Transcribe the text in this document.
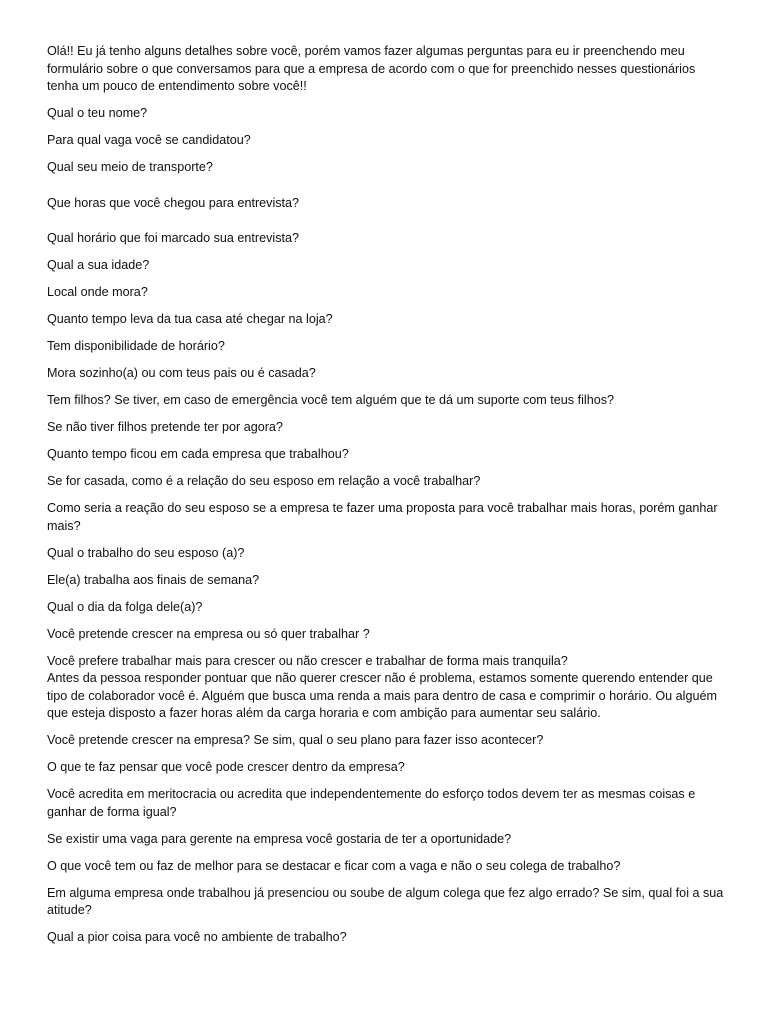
Olá!! Eu já tenho alguns detalhes sobre você, porém vamos fazer algumas perguntas para eu ir preenchendo meu formulário sobre o que conversamos para que a empresa de acordo com o que for preenchido nesses questionários tenha um pouco de entendimento sobre você!!

Qual o teu nome?

Para qual vaga você se candidatou?

Qual seu meio de transporte?

Que horas que você chegou para entrevista?

Qual horário que foi marcado sua entrevista?

Qual a sua idade?

Local onde mora?

Quanto tempo leva da tua casa até chegar na loja?

Tem disponibilidade de horário?

Mora sozinho(a) ou com teus pais ou é casada?

Tem filhos? Se tiver, em caso de emergência você tem alguém que te dá um suporte com teus filhos?

Se não tiver filhos pretende ter por agora?

Quanto tempo ficou em cada empresa que trabalhou?

Se for casada, como é a relação do seu esposo em relação a você trabalhar?

Como seria a reação do seu esposo se a empresa te fazer uma proposta para você trabalhar mais horas, porém ganhar mais?

Qual o trabalho do seu esposo (a)?

Ele(a) trabalha aos finais de semana?

Qual o dia da folga dele(a)?

Você pretende crescer na empresa ou só quer trabalhar ?

Você prefere trabalhar mais para crescer ou não crescer e trabalhar de forma mais tranquila?
Antes da pessoa responder pontuar que não querer crescer não é problema, estamos somente querendo entender que tipo de colaborador você é. Alguém que busca uma renda a mais para dentro de casa e comprimir o horário. Ou alguém que esteja disposto a fazer horas além da carga horaria e com ambição para aumentar seu salário.

Você pretende crescer na empresa? Se sim, qual o seu plano para fazer isso acontecer?

O que te faz pensar que você pode crescer dentro da empresa?

Você acredita em meritocracia ou acredita que independentemente do esforço todos devem ter as mesmas coisas e ganhar de forma igual?

Se existir uma vaga para gerente na empresa você gostaria de ter a oportunidade?

O que você tem ou faz de melhor para se destacar e ficar com a vaga e não o seu colega de trabalho?

Em alguma empresa onde trabalhou já presenciou ou soube de algum colega que fez algo errado? Se sim, qual foi a sua atitude?

Qual a pior coisa para você no ambiente de trabalho?
